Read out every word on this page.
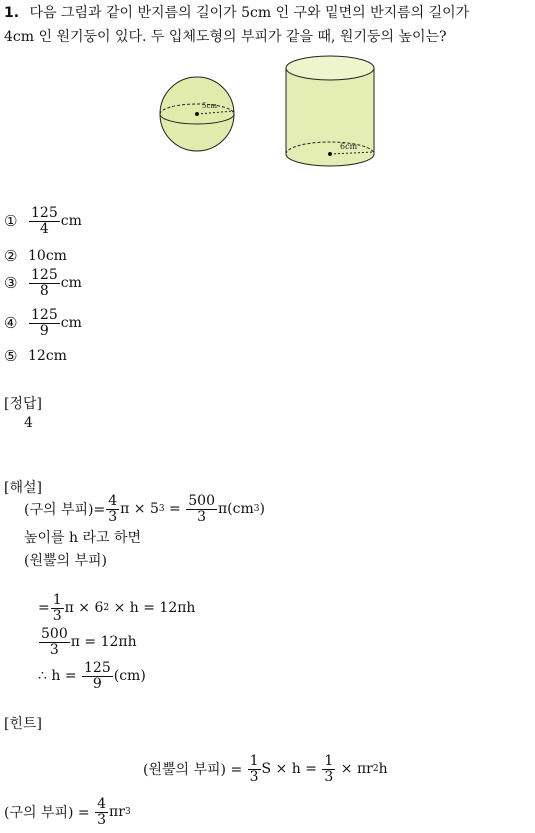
1. 다음 그림과 같이 반지름의 길이가 5cm 인 구와 밑면의 반지름의 길이가
4cm 인 원기둥이 있다. 두 입체도형의 부피가 같을 때, 원기둥의 높이는?
5cm
6cm
① $\frac{125}{4}$ cm
② 10cm
③ $\frac{125}{8}$ cm
④ $\frac{125}{9}$ cm
⑤ 12cm
[정답]
4
[해설]
(구의 부피)= $\frac{4}{3}$ π × 5 $3 = \frac{500}{3} \pi(cm$ 3 )
높이를 h 라고 하면
(원뿔의 부피)
= $\frac{1}{3}$ π × 6 2 × h = 12πh
$\frac{500}{3}$ π = 12πh
∴ $h = \frac{125}{9} (cm)$
[힌트]
(원뿔의 부피) = $\frac{1}{3}$ $S \times h = \frac{1}{3} \times \pi r$ 2 h
(구의 부피) = $\frac{4}{3}$ πr 3
